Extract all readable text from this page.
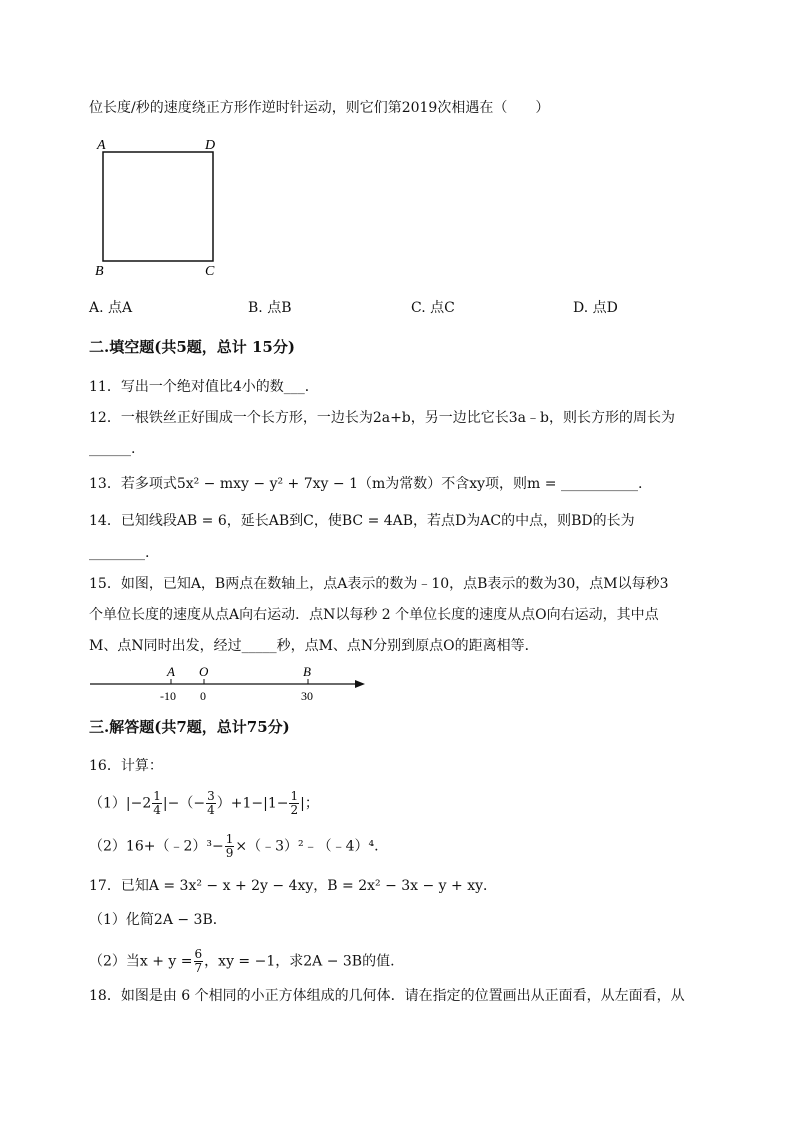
位长度/秒的速度绕正方形作逆时针运动，则它们第2019次相遇在（　　）
A	D
B	C
A. 点A	B. 点B	C. 点C	D. 点D
二.填空题(共5题，总计 15分)
11．写出一个绝对值比4小的数___．
12．一根铁丝正好围成一个长方形，一边长为2a+b，另一边比它长3a﹣b，则长方形的周长为
______.
13．若多项式5x² − mxy − y² + 7xy − 1（m为常数）不含xy项，则m = ___________.
14．已知线段AB = 6，延长AB到C，使BC = 4AB，若点D为AC的中点，则BD的长为
________.
15．如图，已知A，B两点在数轴上，点A表示的数为﹣10，点B表示的数为30，点M以每秒3
个单位长度的速度从点A向右运动．点N以每秒 2 个单位长度的速度从点O向右运动，其中点
M、点N同时出发，经过_____秒，点M、点N分别到原点O的距离相等．
A O	B
-10 0	30
三.解答题(共7题，总计75分)
16．计算：
$(1)|-2 \frac{1}{4}$ |−（− $\frac{3}{4} )+1-|1- \frac{1}{2}$ |；
（2）16+（﹣2）³− $\frac{1}{9}$ ×（﹣3）²﹣（﹣4）⁴.
17．已知A = 3x² − x + 2y − 4xy，B = 2x² − 3x − y + xy．
（1）化简2A − 3B．
（2）当$x + y = \frac{6}{7}$ ，xy = −1，求2A − 3B的值.
18．如图是由 6 个相同的小正方体组成的几何体．请在指定的位置画出从正面看，从左面看，从
